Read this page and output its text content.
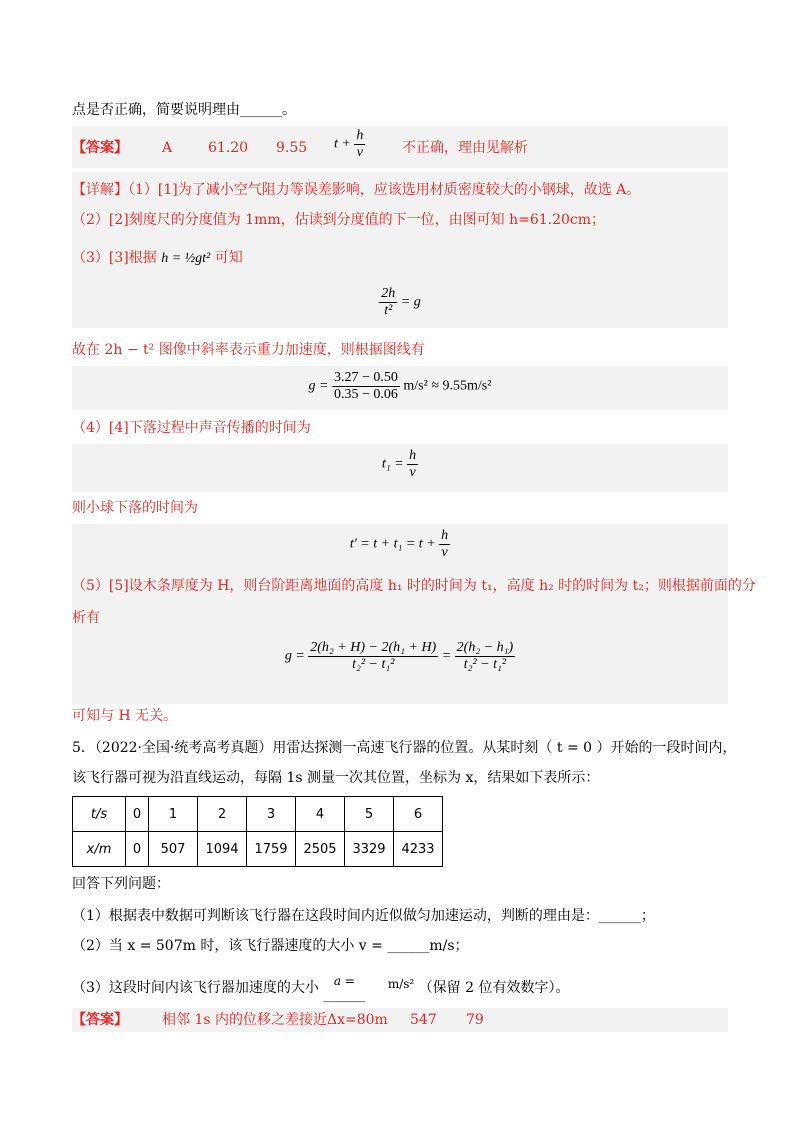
点是否正确，简要说明理由______。
【答案】 A	61.20 9.55 $t + \frac{h}{v}$	不正确，理由见解析
【详解】（1）[1]为了减小空气阻力等误差影响，应该选用材质密度较大的小钢球，故选 A。
（2）[2]刻度尺的分度值为 1mm，估读到分度值的下一位，由图可知 h=61.20cm；
（3）[3]根据 h = ½gt² 可知
$\frac{2h}{\text{t²}} = g$
故在 2h − t² 图像中斜率表示重力加速度，则根据图线有
$g = \frac{3.27 - 0.50}{0.35 - 0.06} m/s^2 \approx 9.55m/s^2$
（4）[4]下落过程中声音传播的时间为
$t_1 = \frac{h}{v}$
则小球下落的时间为
$t' = t + t_1 = t + \frac{h}{v}$
（5）[5]设木条厚度为 H，则台阶距离地面的高度 h₁ 时的时间为 t₁，高度 h₂ 时的时间为 t₂；则根据前面的分
析有
$g = \frac{\text{2(h₂ + H) − 2(h₁ + H)}}{\text{t₂² − t₁²}} = \frac{\text{2(h₂ − h₁)}}{\text{t₂² − t₁²}}$
可知与 H 无关。
5．（2022·全国·统考高考真题）用雷达探测一高速飞行器的位置。从某时刻（ t = 0 ）开始的一段时间内，
该飞行器可视为沿直线运动，每隔 1s 测量一次其位置，坐标为 x，结果如下表所示：
t/s	0	1	2	3	4	5	6
x/m	0	507	1094	1759	2505	3329	4233
回答下列问题：
（1）根据表中数据可判断该飞行器在这段时间内近似做匀加速运动，判断的理由是：______；
（2）当 x = 507m 时，该飞行器速度的大小 v = ______m/s；
（3）这段时间内该飞行器加速度的大小	a =
______
m/s² （保留 2 位有效数字）。
【答案】 相邻 1s 内的位移之差接近Δx=80m 547 79
